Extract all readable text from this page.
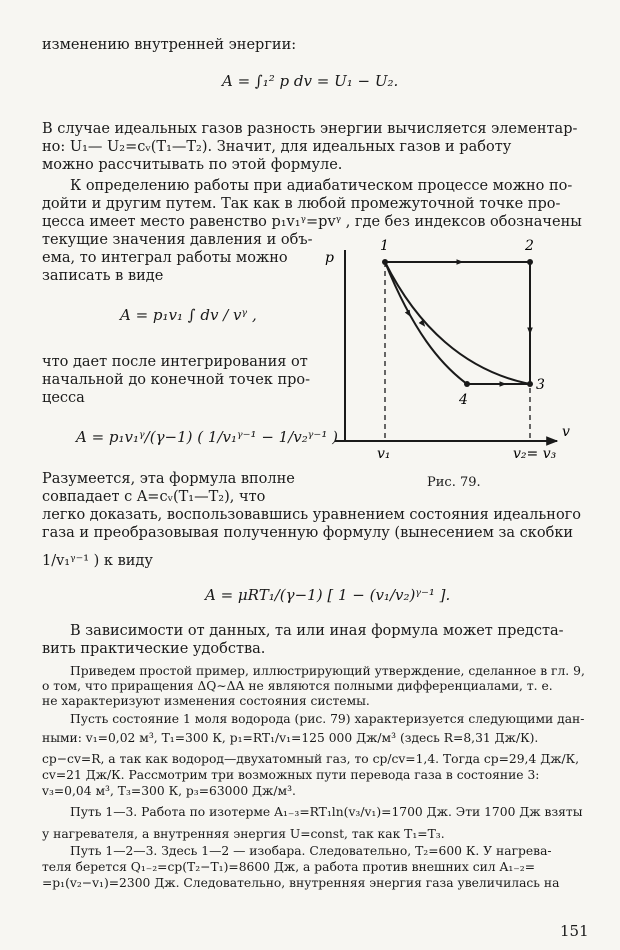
изменению внутренней энергии:
A = ∫₁² p dv = U₁ − U₂.
В случае идеальных газов разность энергии вычисляется элементар-
но: U₁— U₂=cᵥ(T₁—T₂). Значит, для идеальных газов и работу
можно рассчитывать по этой формуле.
К определению работы при адиабатическом процессе можно по-
дойти и другим путем. Так как в любой промежуточной точке про-
цесса имеет место равенство p₁v₁ᵞ=pvᵞ , где без индексов обозначены
текущие значения давления и объ-
ема, то интеграл работы можно
записать в виде
A = p₁v₁ ∫ dv / vᵞ ,
что дает после интегрирования от
начальной до конечной точек про-
цесса
A = p₁v₁ᵞ/(γ−1) ( 1/v₁ᵞ⁻¹ − 1/v₂ᵞ⁻¹ ).
Разумеется, эта формула вполне
совпадает с A=cᵥ(T₁—T₂), что
легко доказать, воспользовавшись уравнением состояния идеального
газа и преобразовывая полученную формулу (вынесением за скобки
1/v₁ᵞ⁻¹ ) к виду
A = μRT₁/(γ−1) [ 1 − (v₁/v₂)ᵞ⁻¹ ].
В зависимости от данных, та или иная формула может предста-
вить практические удобства.
Приведем простой пример, иллюстрирующий утверждение, сделанное в гл. 9,
о том, что приращения ΔQ∼ΔA не являются полными дифференциалами, т. е.
не характеризуют изменения состояния системы.
Пусть состояние 1 моля водорода (рис. 79) характеризуется следующими дан-
ными: v₁=0,02 м³, T₁=300 К, p₁=RT₁/v₁=125 000 Дж/м³ (здесь R=8,31 Дж/К).
cp−cv=R, а так как водород—двухатомный газ, то cp/cv=1,4. Тогда cp=29,4 Дж/К,
cv=21 Дж/К. Рассмотрим три возможных пути перевода газа в состояние 3:
v₃=0,04 м³, T₃=300 К, p₃=63000 Дж/м³.
Путь 1—3. Работа по изотерме A₁₋₃=RT₁ln(v₃/v₁)=1700 Дж. Эти 1700 Дж взяты
у нагревателя, а внутренняя энергия U=const, так как T₁=T₃.
Путь 1—2—3. Здесь 1—2 — изобара. Следовательно, T₂=600 К. У нагрева-
теля берется Q₁₋₂=cp(T₂−T₁)=8600 Дж, а работа против внешних сил A₁₋₂=
=p₁(v₂−v₁)=2300 Дж. Следовательно, внутренняя энергия газа увеличилась на
p
v
1	2
3
4
v₁	v₂= v₃
Рис. 79.
151
